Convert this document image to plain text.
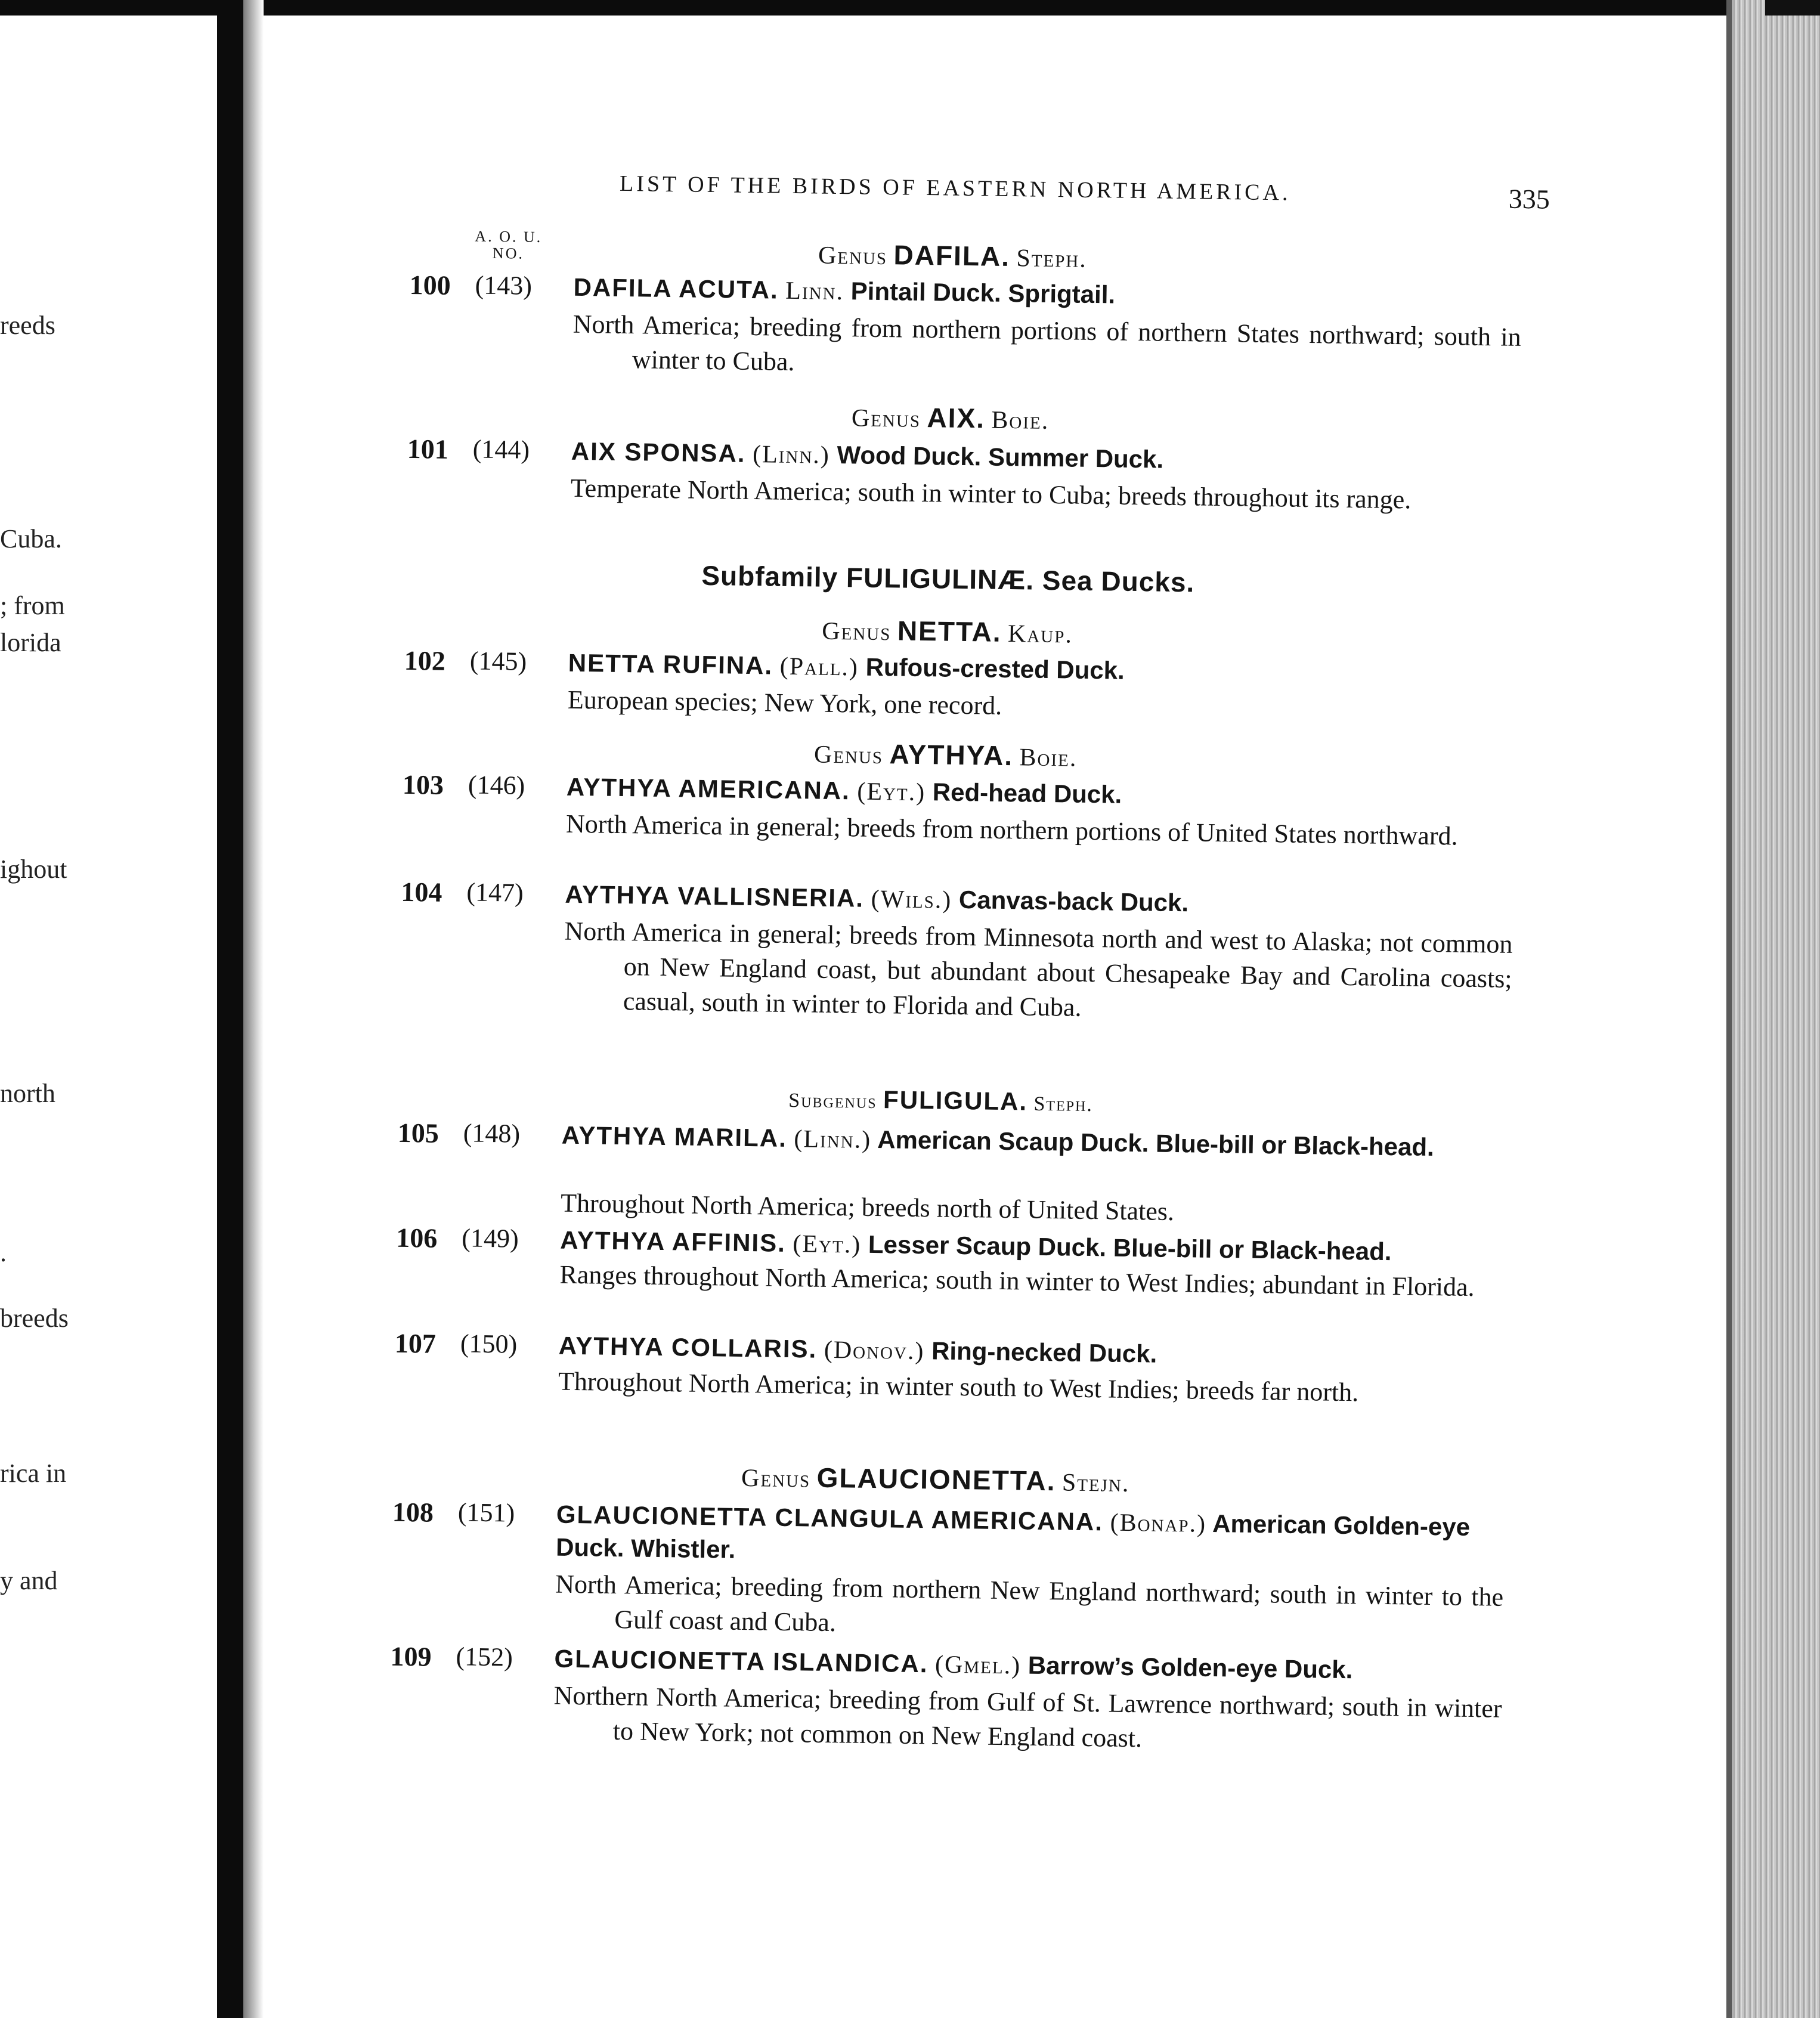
reeds
Cuba.
; from
lorida
ighout
north
.
breeds
rica in
y and
LIST OF THE BIRDS OF EASTERN NORTH AMERICA.	335
A. O. U.
NO.	Genus DAFILA. Steph.
100 (143) DAFILA ACUTA. Linn. Pintail Duck. Sprigtail.
North America; breeding from northern portions of northern States northward; south in winter to Cuba.
Genus AIX. Boie.
101 (144) AIX SPONSA. (Linn.) Wood Duck. Summer Duck.
Temperate North America; south in winter to Cuba; breeds throughout its range.
Subfamily FULIGULINÆ. Sea Ducks.
Genus NETTA. Kaup.
102 (145) NETTA RUFINA. (Pall.) Rufous-crested Duck.
European species; New York, one record.
Genus AYTHYA. Boie.
103 (146) AYTHYA AMERICANA. (Eyt.) Red-head Duck.
North America in general; breeds from northern portions of United States northward.
104 (147) AYTHYA VALLISNERIA. (Wils.) Canvas-back Duck.
North America in general; breeds from Minnesota north and west to Alaska; not common on New England coast, but abundant about Chesapeake Bay and Carolina coasts; casual, south in winter to Florida and Cuba.
Subgenus FULIGULA. Steph.
105 (148) AYTHYA MARILA. (Linn.) American Scaup Duck. Blue-bill or Black-head.
Throughout North America; breeds north of United States.
106 (149) AYTHYA AFFINIS. (Eyt.) Lesser Scaup Duck. Blue-bill or Black-head.
Ranges throughout North America; south in winter to West Indies; abundant in Florida.
107 (150) AYTHYA COLLARIS. (Donov.) Ring-necked Duck.
Throughout North America; in winter south to West Indies; breeds far north.
Genus GLAUCIONETTA. Stejn.
108 (151) GLAUCIONETTA CLANGULA AMERICANA. (Bonap.) American Golden-eye Duck. Whistler.
North America; breeding from northern New England northward; south in winter to the Gulf coast and Cuba.
109 (152) GLAUCIONETTA ISLANDICA. (Gmel.) Barrow’s Golden-eye Duck.
Northern North America; breeding from Gulf of St. Lawrence northward; south in winter to New York; not common on New England coast.
